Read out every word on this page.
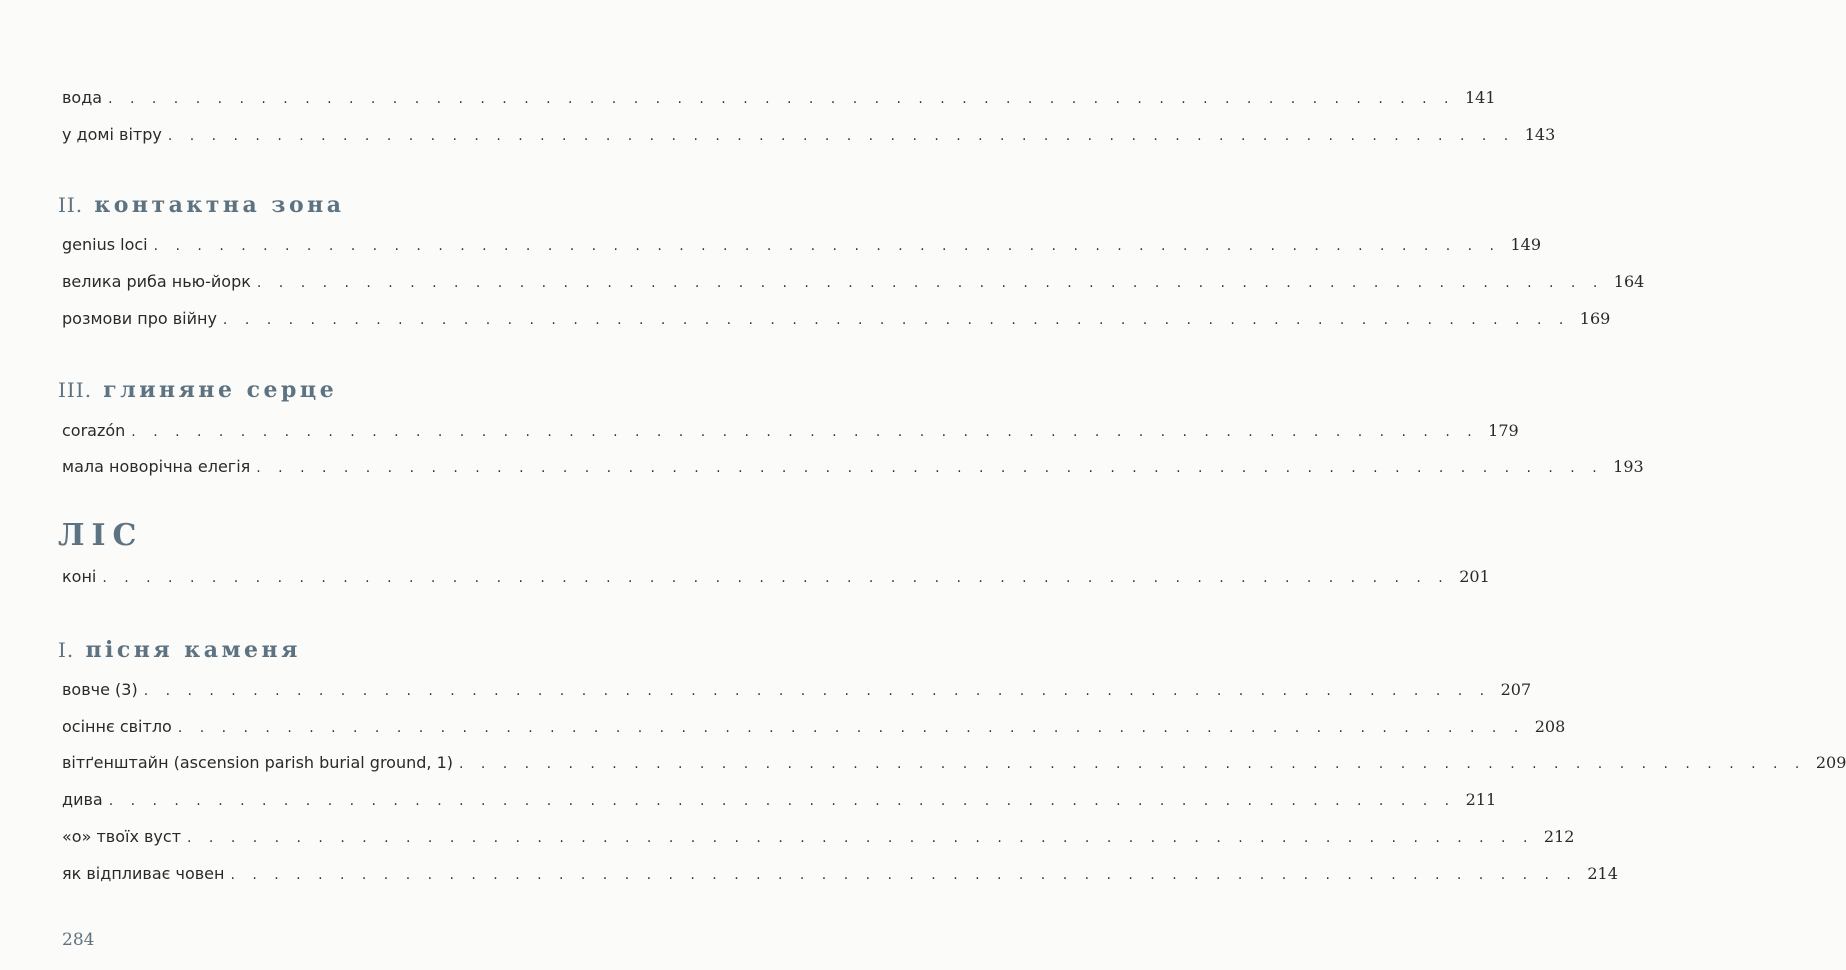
вода . . . . . . . . . . . . . . . . . . . . . . . . . . . . . . . . . . . . . . . . . . . . . . . . . . . . . . . . . . . . . . 141
у домі вітру . . . . . . . . . . . . . . . . . . . . . . . . . . . . . . . . . . . . . . . . . . . . . . . . . . . . . . . . . . . . . . 143
II. контактна зона
genius loci . . . . . . . . . . . . . . . . . . . . . . . . . . . . . . . . . . . . . . . . . . . . . . . . . . . . . . . . . . . . . . 149
велика риба нью-йорк . . . . . . . . . . . . . . . . . . . . . . . . . . . . . . . . . . . . . . . . . . . . . . . . . . . . . . . . . . . . . . 164
розмови про війну . . . . . . . . . . . . . . . . . . . . . . . . . . . . . . . . . . . . . . . . . . . . . . . . . . . . . . . . . . . . . . 169
III. глиняне серце
corazón . . . . . . . . . . . . . . . . . . . . . . . . . . . . . . . . . . . . . . . . . . . . . . . . . . . . . . . . . . . . . . 179
мала новорічна елегія . . . . . . . . . . . . . . . . . . . . . . . . . . . . . . . . . . . . . . . . . . . . . . . . . . . . . . . . . . . . . . 193
ЛІС
коні . . . . . . . . . . . . . . . . . . . . . . . . . . . . . . . . . . . . . . . . . . . . . . . . . . . . . . . . . . . . . . 201
I. пісня каменя
вовче (3) . . . . . . . . . . . . . . . . . . . . . . . . . . . . . . . . . . . . . . . . . . . . . . . . . . . . . . . . . . . . . . 207
осіннє світло . . . . . . . . . . . . . . . . . . . . . . . . . . . . . . . . . . . . . . . . . . . . . . . . . . . . . . . . . . . . . . 208
вітґенштайн (ascension parish burial ground, 1) . . . . . . . . . . . . . . . . . . . . . . . . . . . . . . . . . . . . . . . . . . . . . . . . . . . . . . . . . . . . . . 209
дива . . . . . . . . . . . . . . . . . . . . . . . . . . . . . . . . . . . . . . . . . . . . . . . . . . . . . . . . . . . . . . 211
«о» твоїх вуст . . . . . . . . . . . . . . . . . . . . . . . . . . . . . . . . . . . . . . . . . . . . . . . . . . . . . . . . . . . . . . 212
як відпливає човен . . . . . . . . . . . . . . . . . . . . . . . . . . . . . . . . . . . . . . . . . . . . . . . . . . . . . . . . . . . . . . 214
284
